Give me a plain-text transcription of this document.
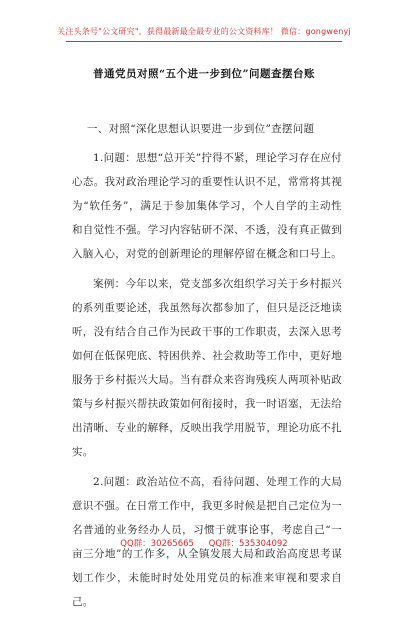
关注头条号"公文研究"，获得最新最全最专业的公文资料库！ 微信：gongwenyj
普通党员对照“五个进一步到位”问题查摆台账

一、对照“深化思想认识要进一步到位”查摆问题

1.问题：思想“总开关”拧得不紧，理论学习存在应付心态。我对政治理论学习的重要性认识不足，常常将其视为“软任务”，满足于参加集体学习，个人自学的主动性和自觉性不强。学习内容钻研不深、不透，没有真正做到入脑入心，对党的创新理论的理解停留在概念和口号上。

案例：今年以来，党支部多次组织学习关于乡村振兴的系列重要论述，我虽然每次都参加了，但只是泛泛地读听，没有结合自己作为民政干事的工作职责，去深入思考如何在低保兜底、特困供养、社会救助等工作中，更好地服务于乡村振兴大局。当有群众来咨询残疾人两项补贴政策与乡村振兴帮扶政策如何衔接时，我一时语塞，无法给出清晰、专业的解释，反映出我学用脱节，理论功底不扎实。

2.问题：政治站位不高，看待问题、处理工作的大局意识不强。在日常工作中，我更多时候是把自己定位为一名普通的业务经办人员，习惯于就事论事，考虑自己“一亩三分地”的工作多，从全镇发展大局和政治高度思考谋划工作少，未能时时处处用党员的标准来审视和要求自己。

QQ群：30265665 QQ群：535304092
